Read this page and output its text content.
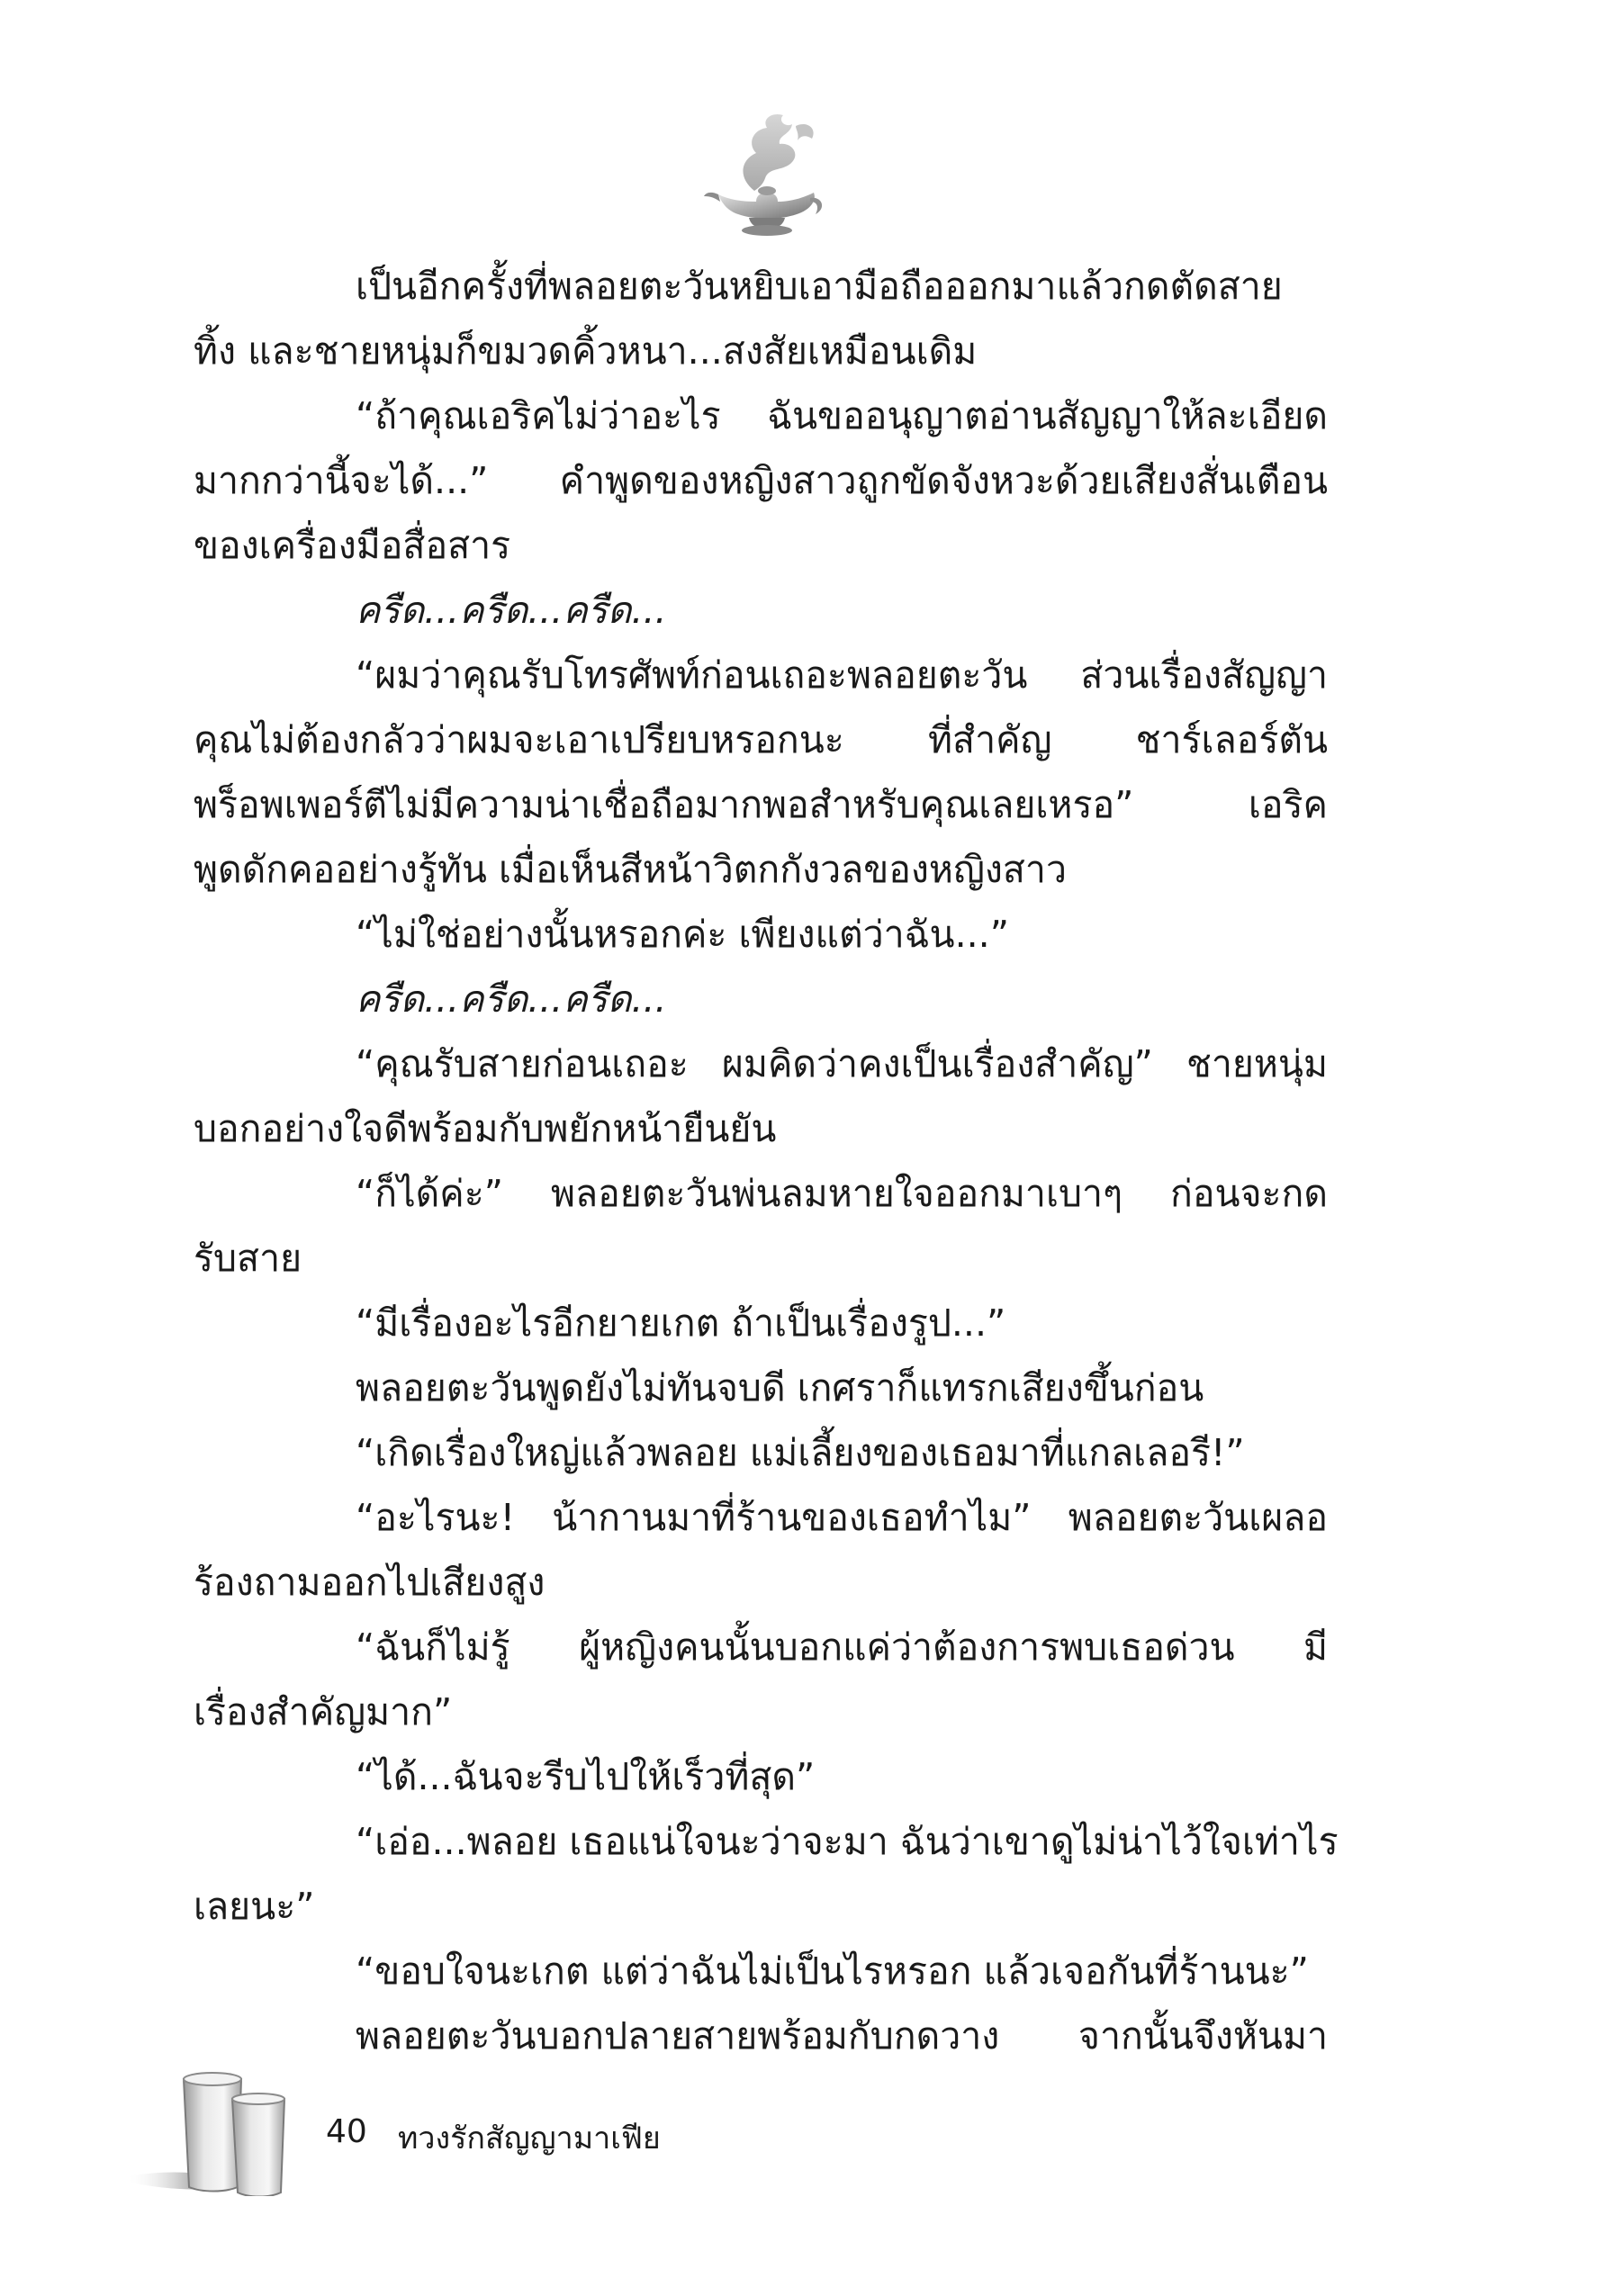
เป็นอีกครั้งที่พลอยตะวันหยิบเอามือถือออกมาแล้วกดตัดสาย
ทิ้ง และชายหนุ่มก็ขมวดคิ้วหนา...สงสัยเหมือนเดิม
“ถ้าคุณเอริคไม่ว่าอะไร ฉันขออนุญาตอ่านสัญญาให้ละเอียด
มากกว่านี้จะได้...” คำพูดของหญิงสาวถูกขัดจังหวะด้วยเสียงสั่นเตือน
ของเครื่องมือสื่อสาร
ครืด...ครืด...ครืด...
“ผมว่าคุณรับโทรศัพท์ก่อนเถอะพลอยตะวัน ส่วนเรื่องสัญญา
คุณไม่ต้องกลัวว่าผมจะเอาเปรียบหรอกนะ ที่สำคัญ ชาร์เลอร์ตัน
พร็อพเพอร์ตีไม่มีความน่าเชื่อถือมากพอสำหรับคุณเลยเหรอ” เอริค
พูดดักคออย่างรู้ทัน เมื่อเห็นสีหน้าวิตกกังวลของหญิงสาว
“ไม่ใช่อย่างนั้นหรอกค่ะ เพียงแต่ว่าฉัน...”
ครืด...ครืด...ครืด...
“คุณรับสายก่อนเถอะ ผมคิดว่าคงเป็นเรื่องสำคัญ” ชายหนุ่ม
บอกอย่างใจดีพร้อมกับพยักหน้ายืนยัน
“ก็ได้ค่ะ” พลอยตะวันพ่นลมหายใจออกมาเบาๆ ก่อนจะกด
รับสาย
“มีเรื่องอะไรอีกยายเกต ถ้าเป็นเรื่องรูป...”
พลอยตะวันพูดยังไม่ทันจบดี เกศราก็แทรกเสียงขึ้นก่อน
“เกิดเรื่องใหญ่แล้วพลอย แม่เลี้ยงของเธอมาที่แกลเลอรี!”
“อะไรนะ! น้ากานมาที่ร้านของเธอทำไม” พลอยตะวันเผลอ
ร้องถามออกไปเสียงสูง
“ฉันก็ไม่รู้ ผู้หญิงคนนั้นบอกแค่ว่าต้องการพบเธอด่วน มี
เรื่องสำคัญมาก”
“ได้...ฉันจะรีบไปให้เร็วที่สุด”
“เอ่อ...พลอย เธอแน่ใจนะว่าจะมา ฉันว่าเขาดูไม่น่าไว้ใจเท่าไร
เลยนะ”
“ขอบใจนะเกต แต่ว่าฉันไม่เป็นไรหรอก แล้วเจอกันที่ร้านนะ”
พลอยตะวันบอกปลายสายพร้อมกับกดวาง จากนั้นจึงหันมา
40 ทวงรักสัญญามาเฟีย
